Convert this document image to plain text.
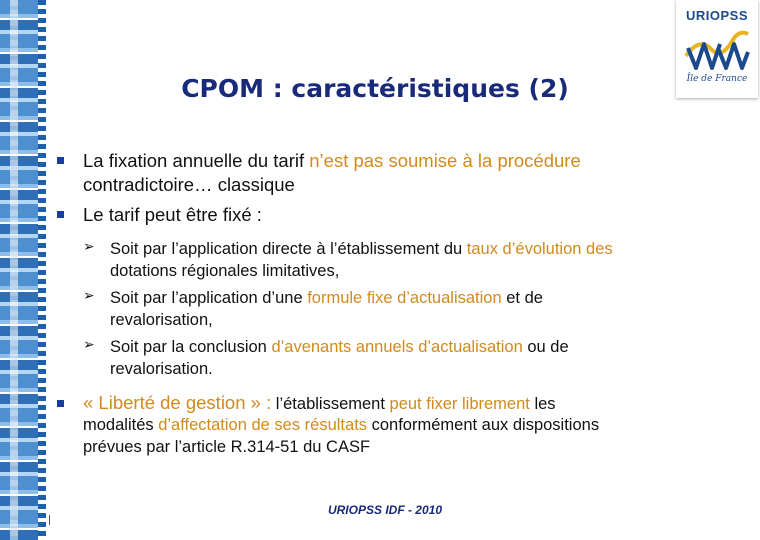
URIOPSS
Île de France
CPOM : caractéristiques (2)
La fixation annuelle du tarif n’est pas soumise à la procédure
contradictoire… classique
Le tarif peut être fixé :
➢ Soit par l’application directe à l’établissement du taux d’évolution des
dotations régionales limitatives,
➢ Soit par l’application d’une formule fixe d’actualisation et de
revalorisation,
➢ Soit par la conclusion d’avenants annuels d’actualisation ou de
revalorisation.
« Liberté de gestion » : l’établissement peut fixer librement les
modalités d’affectation de ses résultats conformément aux dispositions
prévues par l’article R.314-51 du CASF
URIOPSS IDF - 2010
